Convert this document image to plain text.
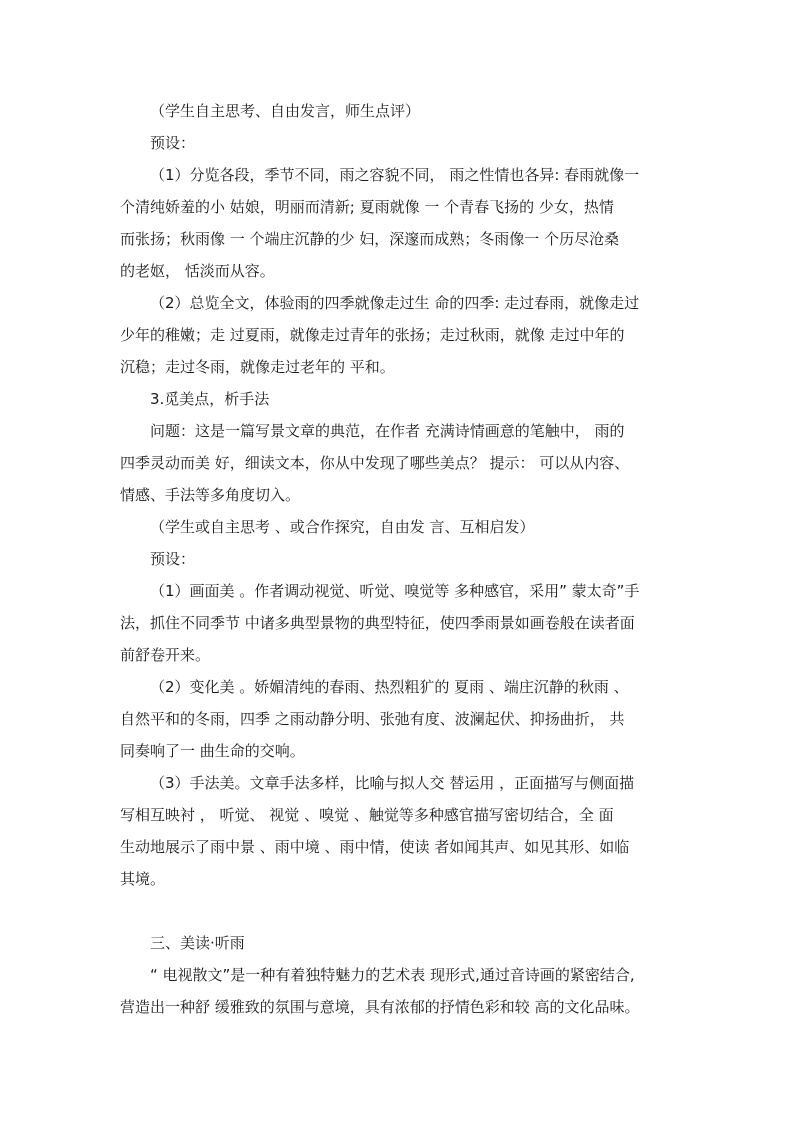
（学生自主思考、自由发言，师生点评）
预设：
（1）分览各段，季节不同，雨之容貌不同， 雨之性情也各异: 春雨就像一
个清纯娇羞的小 姑娘，明丽而清新; 夏雨就像 一 个青春飞扬的 少女，热情
而张扬；秋雨像 一 个端庄沉静的少 妇，深邃而成熟；冬雨像一 个历尽沧桑
的老妪， 恬淡而从容。
（2）总览全文，体验雨的四季就像走过生 命的四季: 走过春雨，就像走过
少年的稚嫩；走 过夏雨，就像走过青年的张扬；走过秋雨，就像 走过中年的
沉稳；走过冬雨，就像走过老年的 平和。
3.觅美点，析手法
问题：这是一篇写景文章的典范，在作者 充满诗情画意的笔触中， 雨的
四季灵动而美 好，细读文本，你从中发现了哪些美点？ 提示： 可以从内容、
情感、手法等多角度切入。
（学生或自主思考 、或合作探究，自由发 言、互相启发）
预设：
（1）画面美 。作者调动视觉、听觉、嗅觉等 多种感官，采用” 蒙太奇”手
法，抓住不同季节 中诸多典型景物的典型特征，使四季雨景如画卷般在读者面
前舒卷开来。
（2）变化美 。娇媚清纯的春雨、热烈粗犷的 夏雨 、端庄沉静的秋雨 、
自然平和的冬雨，四季 之雨动静分明、张弛有度、波澜起伏、抑扬曲折， 共
同奏响了一 曲生命的交响。
（3）手法美。文章手法多样，比喻与拟人交 替运用 ，正面描写与侧面描
写相互映衬 ， 听觉、 视觉 、嗅觉 、触觉等多种感官描写密切结合，全 面
生动地展示了雨中景 、雨中境 、雨中情，使读 者如闻其声、如见其形、如临
其境。
三、美读·听雨
“ 电视散文”是一种有着独特魅力的艺术表 现形式,通过音诗画的紧密结合,
营造出一种舒 缓雅致的氛围与意境，具有浓郁的抒情色彩和较 高的文化品味。
